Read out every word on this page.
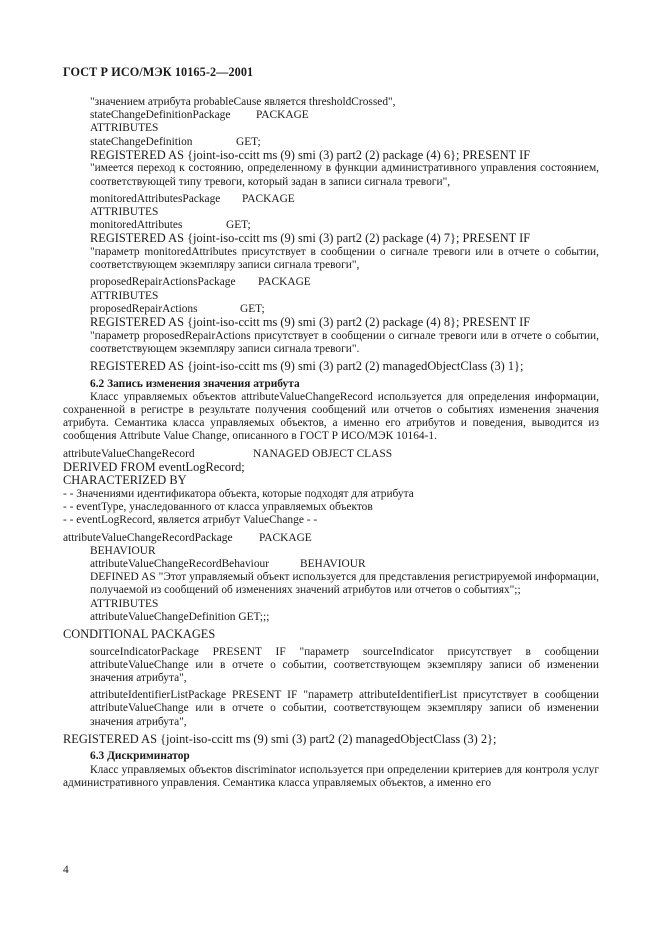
ГОСТ Р ИСО/МЭК 10165-2—2001

"значением атрибута probableCause является thresholdCrossed",

stateChangeDefinitionPackage PACKAGE

ATTRIBUTES

stateChangeDefinition	GET;

REGISTERED AS {joint-iso-ccitt ms (9) smi (3) part2 (2) package (4) 6}; PRESENT IF

"имеется переход к состоянию, определенному в функции административного управления состоянием, соответствующей типу тревоги, который задан в записи сигнала тревоги",

monitoredAttributesPackage PACKAGE

ATTRIBUTES

monitoredAttributes	GET;

REGISTERED AS {joint-iso-ccitt ms (9) smi (3) part2 (2) package (4) 7}; PRESENT IF

"параметр monitoredAttributes присутствует в сообщении о сигнале тревоги или в отчете о событии, соответствующем экземпляру записи сигнала тревоги",

proposedRepairActionsPackage PACKAGE

ATTRIBUTES

proposedRepairActions	GET;

REGISTERED AS {joint-iso-ccitt ms (9) smi (3) part2 (2) package (4) 8}; PRESENT IF

"параметр proposedRepairActions присутствует в сообщении о сигнале тревоги или в отчете о событии, соответствующем экземпляру записи сигнала тревоги".

REGISTERED AS {joint-iso-ccitt ms (9) smi (3) part2 (2) managedObjectClass (3) 1};

6.2 Запись изменения значения атрибута

Класс управляемых объектов attributeValueChangeRecord используется для определения информации, сохраненной в регистре в результате получения сообщений или отчетов о событиях изменения значения атрибута. Семантика класса управляемых объектов, а именно его атрибутов и поведения, выводится из сообщения Attribute Value Change, описанного в ГОСТ Р ИСО/МЭК 10164-1.

attributeValueChangeRecord	NANAGED OBJECT CLASS

DERIVED FROM eventLogRecord;

CHARACTERIZED BY

- - Значениями идентификатора объекта, которые подходят для атрибута

- - eventType, унаследованного от класса управляемых объектов

- - eventLogRecord, является атрибут ValueChange - -

attributeValueChangeRecordPackage PACKAGE

BEHAVIOUR

attributeValueChangeRecordBehaviour	BEHAVIOUR

DEFINED AS "Этот управляемый объект используется для представления регистрируемой информации, получаемой из сообщений об изменениях значений атрибутов или отчетов о событиях";;

ATTRIBUTES

attributeValueChangeDefinition GET;;;

CONDITIONAL PACKAGES

sourceIndicatorPackage PRESENT IF "параметр sourceIndicator присутствует в сообщении attributeValueChange или в отчете о событии, соответствующем экземпляру записи об изменении значения атрибута",

attributeIdentifierListPackage PRESENT IF "параметр attributeIdentifierList присутствует в сообщении attributeValueChange или в отчете о событии, соответствующем экземпляру записи об изменении значения атрибута",

REGISTERED AS {joint-iso-ccitt ms (9) smi (3) part2 (2) managedObjectClass (3) 2};

6.3 Дискриминатор

Класс управляемых объектов discriminator используется при определении критериев для контроля услуг административного управления. Семантика класса управляемых объектов, а именно его

4
